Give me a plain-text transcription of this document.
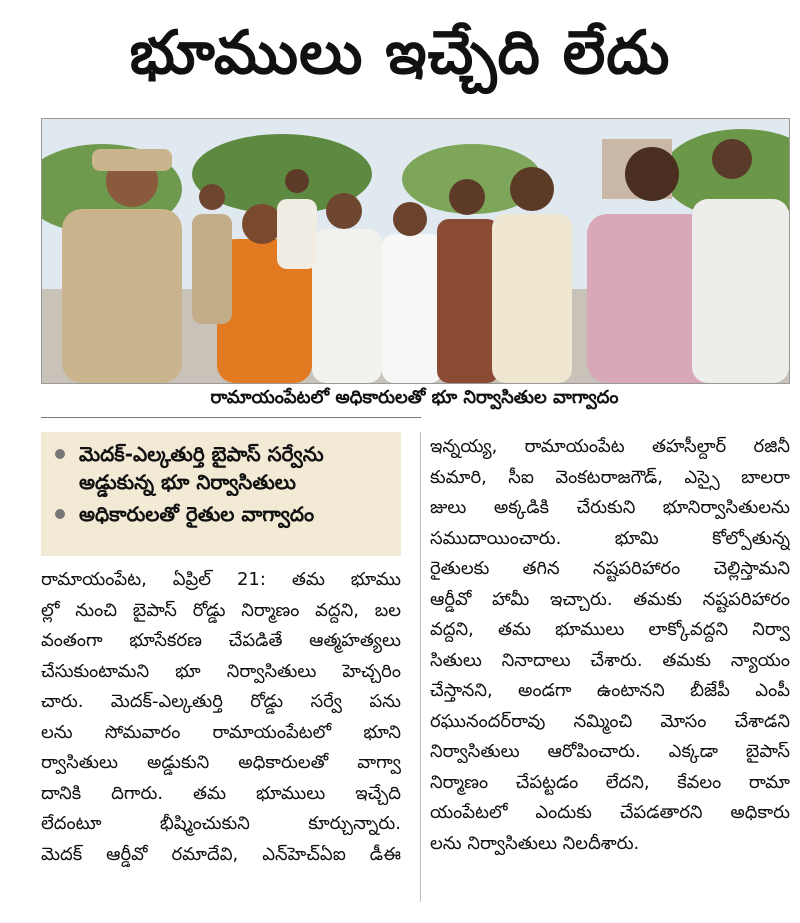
భూములు ఇచ్చేది లేదు
రామాయంపేటలో అధికారులతో భూ నిర్వాసితుల వాగ్వాదం
మెదక్‌-ఎల్కతుర్తి బైపాస్‌ సర్వేను అడ్డుకున్న భూ నిర్వాసితులు
అధికారులతో రైతుల వాగ్వాదం
రామాయంపేట, ఏప్రిల్‌ 21: తమ భూము
ల్లో నుంచి బైపాస్‌ రోడ్డు నిర్మాణం వద్దని, బల
వంతంగా భూసేకరణ చేపడితే ఆత్మహత్యలు
చేసుకుంటామని భూ నిర్వాసితులు హెచ్చరిం
చారు. మెదక్‌-ఎల్కతుర్తి రోడ్డు సర్వే పను
లను సోమవారం రామాయంపేటలో భూని
ర్వాసితులు అడ్డుకుని అధికారులతో వాగ్వా
దానికి దిగారు. తమ భూములు ఇచ్చేది
లేదంటూ భీష్మించుకుని కూర్చున్నారు.
మెదక్‌ ఆర్డీవో రమాదేవి, ఎన్‌హెచ్‌ఏఐ డీఈ
ఇన్నయ్య, రామాయంపేట తహసీల్దార్‌ రజినీ
కుమారి, సీఐ వెంకటరాజగౌడ్‌, ఎస్సై బాలరా
జులు అక్కడికి చేరుకుని భూనిర్వాసితులను
సముదాయించారు. భూమి కోల్పోతున్న
రైతులకు తగిన నష్టపరిహారం చెల్లిస్తామని
ఆర్డీవో హామీ ఇచ్చారు. తమకు నష్టపరిహారం
వద్దని, తమ భూములు లాక్కోవద్దని నిర్వా
సితులు నినాదాలు చేశారు. తమకు న్యాయం
చేస్తానని, అండగా ఉంటానని బీజేపీ ఎంపీ
రఘునందర్‌రావు నమ్మించి మోసం చేశాడని
నిర్వాసితులు ఆరోపించారు. ఎక్కడా బైపాస్‌
నిర్మాణం చేపట్టడం లేదని, కేవలం రామా
యంపేటలో ఎందుకు చేపడతారని అధికారు
లను నిర్వాసితులు నిలదీశారు.
